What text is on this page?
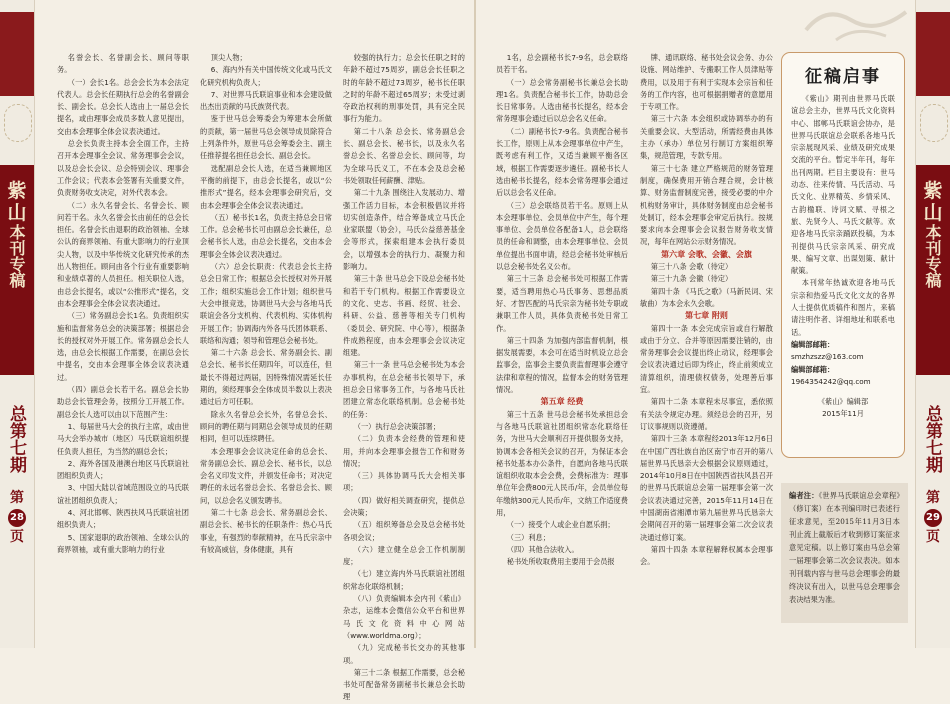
紫山
本刊专稿
总第七期
第
28
页
紫山
本刊专稿
总第七期
第
29
页

名誉会长、名誉副会长、顾问等职务。

（一）会长1名。总会会长为本会法定代表人。总会长任期执行总会的名誉副会长、副会长。总会长人选由上一届总会长提名，或由理事会成员多数人意见提出，交由本会理事全体会议表决通过。

总会长负责主持本会全面工作，主持召开本会理事全会议、常务理事会会议，以及总会长会议、总会特别会议、理事会工作会议；代表本会签署有关重要文件，负责财务收支决定，对外代表本会。

（二）永久名誉会长、名誉会长、顾问若干名。永久名誉会长由前任的总会长担任。名誉会长由退职的政治领袖、全球公认的商界领袖、有重大影响力的行业顶尖人物，以及中华传统文化研究传承的杰出人物担任。顾问由各个行业有重要影响和业绩卓著的人员担任。相关职位人选，由总会长提名，或以“公推形式”提名，交由本会理事会全体会议表决通过。

（三）常务副总会长1名。负责组织实施和监督常务总会的决策部署；根据总会长的授权对外开展工作。常务副总会长人选，由总会长根据工作需要，在副总会长中提名，交由本会理事全体会议表决通过。

（四）副总会长若干名。副总会长协助总会长管理会务，按照分工开展工作。副总会长人选可以由以下范围产生：

1、每届世马大会的执行主席，或由世马大会举办城市（地区）马氏联谊组织提任负责人担任，为当然的副总会长；

2、海外各国及港澳台地区马氏联谊社团组织负责人；

3、中国大陆以省域范围设立的马氏联谊社团组织负责人；

4、河北邯郸、陕西扶风马氏联谊社团组织负责人；

5、国家退职的政治领袖、全球公认的商界领袖，或有重大影响力的行业

顶尖人物；

6、海内外有关中国传统文化或马氏文化研究机构负责人；

7、对世界马氏联谊事业和本会建设做出杰出贡献的马氏族贤代表。

鉴于世马总会筹委会为筹建本会所做的贡献，第一届世马总会领导成员除符合上列条件外，原世马总会筹委会主、副主任推荐提名担任总会长、副总会长。

选配副总会长人选，在适当兼顾地区平衡的前提下，由总会长提名，或以“公推形式”提名，经本会理事会研究后，交由本会理事会全体会议表决通过。

（五）秘书长1名，负责主持总会日常工作。总会秘书长可由副总会长兼任，总会秘书长人选，由总会长提名，交由本会理事会全体会议表决通过。

（六）总会长职责：代表总会长主持总会日常工作；根据总会长授权对外开展工作；组织实施总会工作计划；组织世马大会申报竞选，协调世马大会与各地马氏联谊会各分支机构、代表机构、实体机构开展工作；协调海内外各马氏团体联系、联络和沟通；领导和管理总会秘书处。

第二十六条 总会长、常务副会长、副总会长、秘书长任期四年，可以连任，但最长不得超过两届，因特殊情况需延长任期的，须经理事会全体成员半数以上表决通过后方可任职。

除永久名誉总会长外，名誉总会长、顾问的聘任期与同期总会领导成员的任期相同，但可以连续聘任。

本会理事会会议决定任命的总会长、常务副总会长、副总会长、秘书长，以总会名义印发文件，并颁发任命书；对决定聘任的永远名誉总会长、名誉总会长、顾问，以总会名义颁发聘书。

第二十七条 总会长、常务副总会长、副总会长、秘书长的任职条件：热心马氏事业，有强烈的奉献精神，在马氏宗亲中有较高威信，身体健康，具有

较强的执行力；总会长任职之时的年龄不超过75周岁，副总会长任职之时的年龄不超过73周岁，秘书长任职之时的年龄不超过65周岁；未受过剥夺政治权利的刑事处罚，具有完全民事行为能力。

第二十八条 总会长、常务副总会长、副总会长、秘书长，以及永久名誉总会长、名誉总会长、顾问等，均为全球马氏义工，不在本会及总会秘书处领取任何薪酬、津贴。

第二十九条 围绕注入发展动力、增强工作活力目标，本会积极倡议并将切实创造条件，结合筹备成立马氏企业家联盟（协会），马氏公益慈善基金会等形式，探索组建本会执行委员会，以增强本会的执行力、凝聚力和影响力。

第三十条 世马总会下设总会秘书处和若干专门机构。根据工作需要设立的文化、史志、书画、经贸、社会、科研、公益、慈善等相关专门机构（委员会、研究院、中心等），根据条件成熟程度，由本会理事会会议决定组建。

第三十一条 世马总会秘书处为本会办事机构，在总会秘书长领导下，承担总会日常事务工作，与各地马氏社团建立常态化联络机制。总会秘书处的任务：

（一）执行总会决策部署；

（二）负责本会经费的管理和使用，并向本会理事会报告工作和财务情况；

（三）具体协调马氏大会相关事项；

（四）做好相关调查研究，提供总会决策；

（五）组织筹备总会及总会秘书处各项会议；

（六）建立健全总会工作机制制度；

（七）建立海内外马氏联谊社团组织常态化联络机制；

（八）负责编辑本会内刊《紫山》杂志，运维本会微信公众平台和世界马氏文化资料中心网站（www.worldma.org）；

（九）完成秘书长交办的其他事项。

第三十二条 根据工作需要，总会秘书处可配备常务副秘书长兼总会长助理

1名，总会副秘书长7-9名，总会联络员若干名。

（一）总会常务副秘书长兼总会长助理1名。负责配合秘书长工作，协助总会长日常事务。人选由秘书长提名，经本会常务理事会通过后以总会名义任命。

（二）副秘书长7-9名。负责配合秘书长工作，原则上从本会理事单位中产生，既考虑有利工作，又适当兼顾平衡各区域，根据工作需要逐步遴任。副秘书长人选由秘书长提名，经本会常务理事会通过后以总会名义任命。

（三）总会联络员若干名。原则上从本会理事单位、会员单位中产生，每个理事单位、会员单位各配备1人，总会联络员的任命和调整，由本会理事单位、会员单位提出书面申请，经总会秘书处审核后以总会秘书处名义公布。

第三十三条 总会秘书处可根据工作需要，适当聘用热心马氏事务、思想品质好、才智匹配的马氏宗亲为秘书处专职或兼职工作人员，具体负责秘书处日常工作。

第三十四条 为加强内部监督机制，根据发展需要，本会可在适当时机设立总会监事会，监事会主要负责监督理事会遵守法律和章程的情况，监督本会的财务管理情况。

第五章 经费

第三十五条 世马总会秘书处承担总会与各地马氏联谊社团组织常态化联络任务，为世马大会顺利召开提供服务支持，协调本会各相关会议的召开，为保证本会秘书处基本办公条件，自愿向各地马氏联谊组织收取本会会费，会费标准为：理事单位年会费800元人民币/年，会员单位每年缴纳300元人民币/年，文纳工作适度费用，

（一）接受个人或企业自愿乐捐；

（三）利息；

（四）其他合法收入。

秘书处所收取费用主要用于会员报

牌、通讯联络、秘书处会议会务、办公设施、网站维护、专搬职工作人员津贴等费用，以及用于有利于实现本会宗旨和任务的工作内容，也可根据捐赠者的意愿用于专项工作。

第三十六条 本会组织或协调举办的有关重要会议、大型活动，所需经费由具体主办（承办）单位另行制订方案组织筹集，规范管理，专款专用。

第三十七条 建立严格规范的财务管理制度，确保费用开销合理合规，会计核算、财务监督制度完善，接受必要的中介机构财务审计，具体财务制度由总会秘书处制订，经本会理事会审定后执行。按规要求向本会理事会会议报告财务收支情况，每年在网站公示财务情况。

第六章 会歌、会徽、会旗

第三十八条 会歌（待定）

第三十九条 会徽（待定）

第四十条 《马氏之歌》（马新民词、宋敏曲）为本会永久会歌。

第七章 附则

第四十一条 本会完成宗旨或自行解散或由于分立、合并等原因需要注销的，由常务理事会会议提出终止动议，经理事会会议表决通过后即为终止，终止前须成立清算组织，清理债权债务，处理善后事宜。

第四十二条 本章程未尽事宜，悉依照有关法令规定办理。须经总会的召开，另订议事规则以资遵循。

第四十三条 本章程经2013年12月6日在中国广西壮族自治区南宁市召开的第八届世界马氏恳亲大会根据会议原则通过，2014年10月8日在中国陕西省扶风县召开的世界马氏联谊总会第一届理事会第一次会议表决通过完善，2015年11月14日在中国湖南省湘潭市第九届世界马氏恳亲大会期间召开的第一届理事会第二次会议表决通过修订案。

第四十四条 本章程解释权属本会理事会。

征稿启事
《紫山》期刊由世界马氏联谊总会主办，世界马氏文化资料中心、邯郸马氏联谊会协办，是世界马氏联谊总会联系各地马氏宗亲展现风采、业绩及研究成果交流的平台。暂定半年刊，每年出刊两期。栏目主要设有：世马动态、往来传情、马氏活动、马氏文化、业界精英、乡情采风、古韵楹联、诗词文赋、寻根之旅、先贤今人、马氏文献等。欢迎各地马氏宗亲踊跃投稿，为本刊提供马氏宗亲风采、研究成果、编写文章、出谋划策、献计献策。
本刊常年热诚欢迎各地马氏宗亲和热爱马氏文化文友的各界人士提供优质稿件和图片，来稿请注明作者、详细地址和联系电话。
编辑部邮箱：
smzhzszz@163.com
编辑部邮箱：
1964354242@qq.com
《紫山》编辑部
2015年11月
编者注：《世界马氏联谊总会章程》（修订案）在本刊编印时已表述行征求意见，至2015年11月3日本刊止流上截版后才收到修订案征求意见定稿。以上修订案由马总会第一届理事会第二次会议表决。如本刊刊载内容与世马总会理事会的最终决议有出入，以世马总会理事会表决结果为准。
